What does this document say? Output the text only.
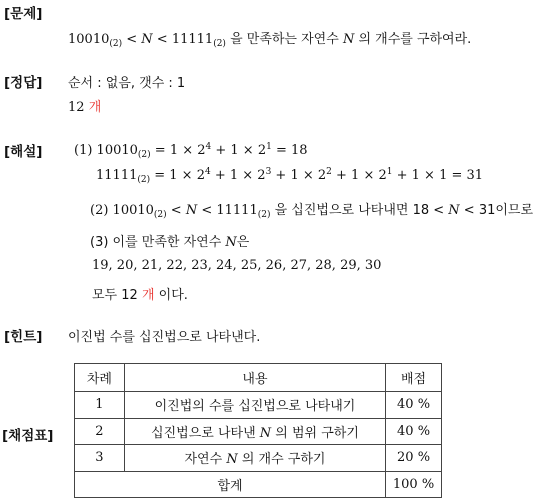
[문제]
$10010_{(2)} < N < 11111_{(2)}$ 을 만족하는 자연수 N 의 개수를 구하여라.
[정답] 순서 : 없음, 갯수 : 1
12 개
[해설] (1) $10010_{(2)} = 1 \times 2^4 + 1 \times 2^1 = 18$
$11111_{(2)} = 1 \times 2^4 + 1 \times 2^3 + 1 \times 2^2 + 1 \times 2^1 + 1 \times 1 = 31$
(2) $10010_{(2)} < N < 11111_{(2)}$ 을 십진법으로 나타내면 18 < N < 31이므로
(3) 이를 만족한 자연수 N은
19, 20, 21, 22, 23, 24, 25, 26, 27, 28, 29, 30
모두 12 개 이다.
[힌트] 이진법 수를 십진법으로 나타낸다.
[채점표]
차례	내용	배점
1	이진법의 수를 십진법으로 나타내기	40 %
2	십진법으로 나타낸 N 의 범위 구하기	40 %
3	자연수 N 의 개수 구하기	20 %
합계		100 %
